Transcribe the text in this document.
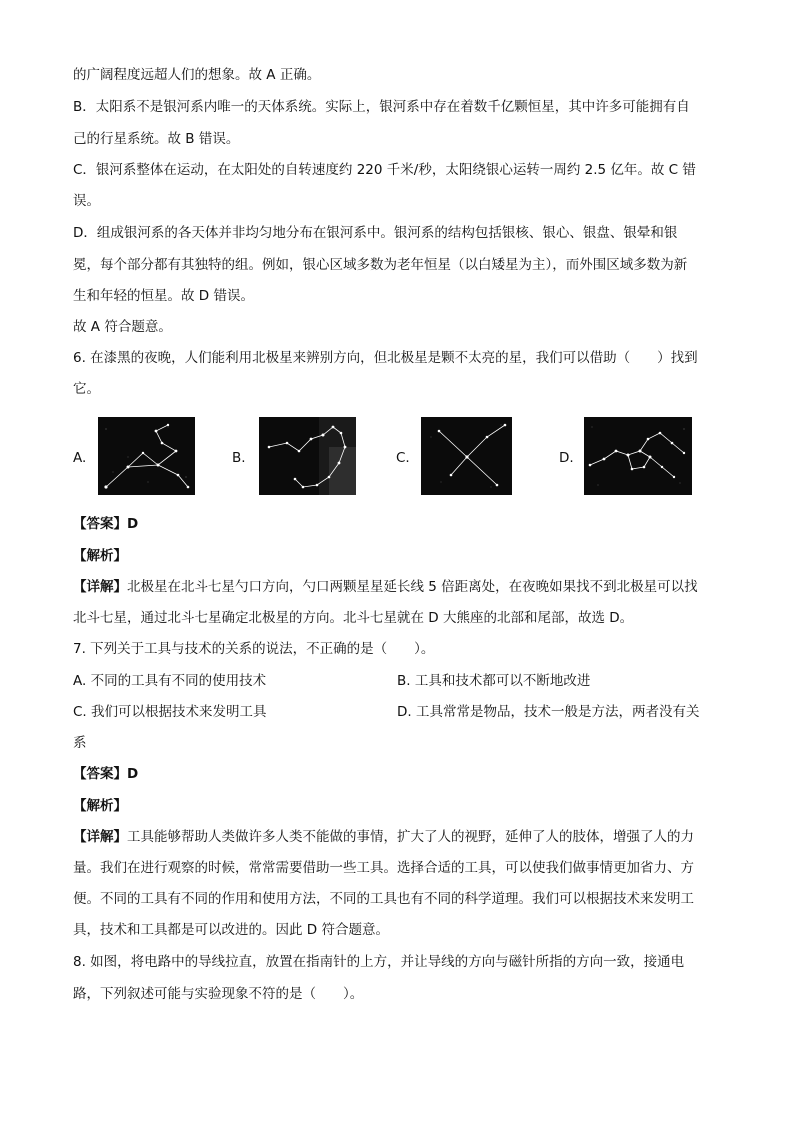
的广阔程度远超人们的想象。故 A 正确。
B．太阳系不是银河系内唯一的天体系统。实际上，银河系中存在着数千亿颗恒星，其中许多可能拥有自
己的行星系统。故 B 错误。
C．银河系整体在运动，在太阳处的自转速度约 220 千米/秒，太阳绕银心运转一周约 2.5 亿年。故 C 错
误。
D．组成银河系的各天体并非均匀地分布在银河系中。银河系的结构包括银核、银心、银盘、银晕和银
冕，每个部分都有其独特的组。例如，银心区域多数为老年恒星（以白矮星为主），而外围区域多数为新
生和年轻的恒星。故 D 错误。
故 A 符合题意。
6. 在漆黑的夜晚，人们能利用北极星来辨别方向，但北极星是颗不太亮的星，我们可以借助（　　）找到
它。
A.	B.	C.	D.
【答案】D
【解析】
【详解】北极星在北斗七星勺口方向，勺口两颗星星延长线 5 倍距离处，在夜晚如果找不到北极星可以找
北斗七星，通过北斗七星确定北极星的方向。北斗七星就在 D 大熊座的北部和尾部，故选 D。
7. 下列关于工具与技术的关系的说法，不正确的是（　　）。
A. 不同的工具有不同的使用技术	B. 工具和技术都可以不断地改进
C. 我们可以根据技术来发明工具	D. 工具常常是物品，技术一般是方法，两者没有关
系
【答案】D
【解析】
【详解】工具能够帮助人类做许多人类不能做的事情，扩大了人的视野，延伸了人的肢体，增强了人的力
量。我们在进行观察的时候，常常需要借助一些工具。选择合适的工具，可以使我们做事情更加省力、方
便。不同的工具有不同的作用和使用方法，不同的工具也有不同的科学道理。我们可以根据技术来发明工
具，技术和工具都是可以改进的。因此 D 符合题意。
8. 如图，将电路中的导线拉直，放置在指南针的上方，并让导线的方向与磁针所指的方向一致，接通电
路，下列叙述可能与实验现象不符的是（　　）。
